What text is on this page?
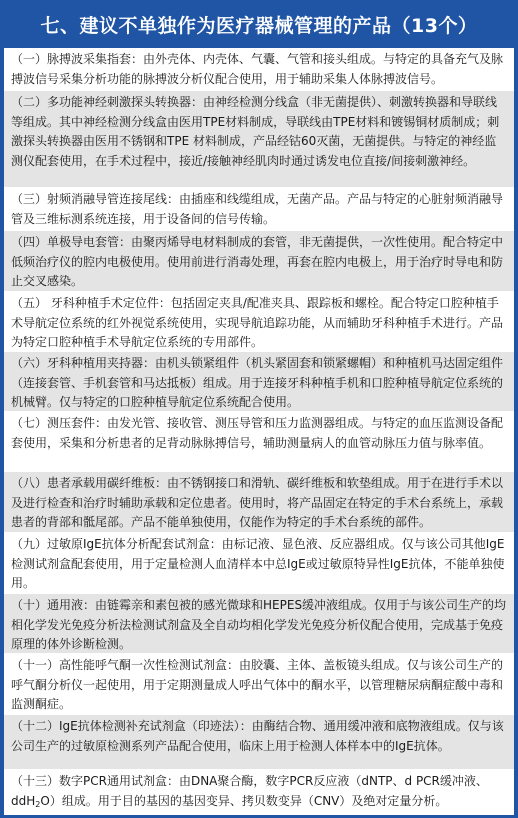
七、建议不单独作为医疗器械管理的产品（13个）
（一）脉搏波采集指套：由外壳体、内壳体、气囊、气管和接头组成。与特定的具备充气及脉搏波信号采集分析功能的脉搏波分析仪配合使用，用于辅助采集人体脉搏波信号。
（二）多功能神经刺激探头转换器：由神经检测分线盒（非无菌提供）、刺激转换器和导联线等组成。其中神经检测分线盒由医用TPE材料制成，导联线由TPE材料和镀锡铜材质制成；刺激探头转换器由医用不锈钢和TPE 材料制成，产品经钴60灭菌，无菌提供。与特定的神经监测仪配套使用，在手术过程中，接近/接触神经肌肉时通过诱发电位直接/间接刺激神经。
（三）射频消融导管连接尾线：由插座和线缆组成，无菌产品。产品与特定的心脏射频消融导管及三维标测系统连接，用于设备间的信号传输。
（四）单极导电套管：由聚丙烯导电材料制成的套管，非无菌提供，一次性使用。配合特定中低频治疗仪的腔内电极使用。使用前进行消毒处理，再套在腔内电极上，用于治疗时导电和防止交叉感染。
（五） 牙科种植手术定位件：包括固定夹具/配准夹具、跟踪板和螺栓。配合特定口腔种植手术导航定位系统的红外视觉系统使用，实现导航追踪功能，从而辅助牙科种植手术进行。产品为特定口腔种植手术导航定位系统的专用部件。
（六）牙科种植用夹持器：由机头锁紧组件（机头紧固套和锁紧螺帽）和种植机马达固定组件（连接套管、手机套管和马达抵板）组成。用于连接牙科种植手机和口腔种植导航定位系统的机械臂。仅与特定的口腔种植导航定位系统配合使用。
（七）测压套件：由发光管、接收管、测压导管和压力监测器组成。与特定的血压监测设备配套使用，采集和分析患者的足背动脉脉搏信号，辅助测量病人的血管动脉压力值与脉率值。
（八）患者承载用碳纤维板：由不锈钢接口和滑轨、碳纤维板和软垫组成。用于在进行手术以及进行检查和治疗时辅助承载和定位患者。使用时，将产品固定在特定的手术台系统上，承载患者的背部和骶尾部。产品不能单独使用，仅能作为特定的手术台系统的部件。
（九）过敏原IgE抗体分析配套试剂盒：由标记液、显色液、反应器组成。仅与该公司其他IgE检测试剂盒配套使用，用于定量检测人血清样本中总IgE或过敏原特异性IgE抗体，不能单独使用。
（十）通用液：由链霉亲和素包被的感光微球和HEPES缓冲液组成。仅用于与该公司生产的均相化学发光免疫分析法检测试剂盒及全自动均相化学发光免疫分析仪配合使用，完成基于免疫原理的体外诊断检测。
（十一）高性能呼气酮一次性检测试剂盒：由胶囊、主体、盖板镜头组成。仅与该公司生产的呼气酮分析仪一起使用，用于定期测量成人呼出气体中的酮水平，以管理糖尿病酮症酸中毒和监测酮症。
（十二）IgE抗体检测补充试剂盒（印迹法）：由酶结合物、通用缓冲液和底物液组成。仅与该公司生产的过敏原检测系列产品配合使用，临床上用于检测人体样本中的IgE抗体。
（十三）数字PCR通用试剂盒：由DNA聚合酶，数字PCR反应液（dNTP、d PCR缓冲液、ddH$_2$O）组成。用于目的基因的基因变异、拷贝数变异（CNV）及绝对定量分析。
